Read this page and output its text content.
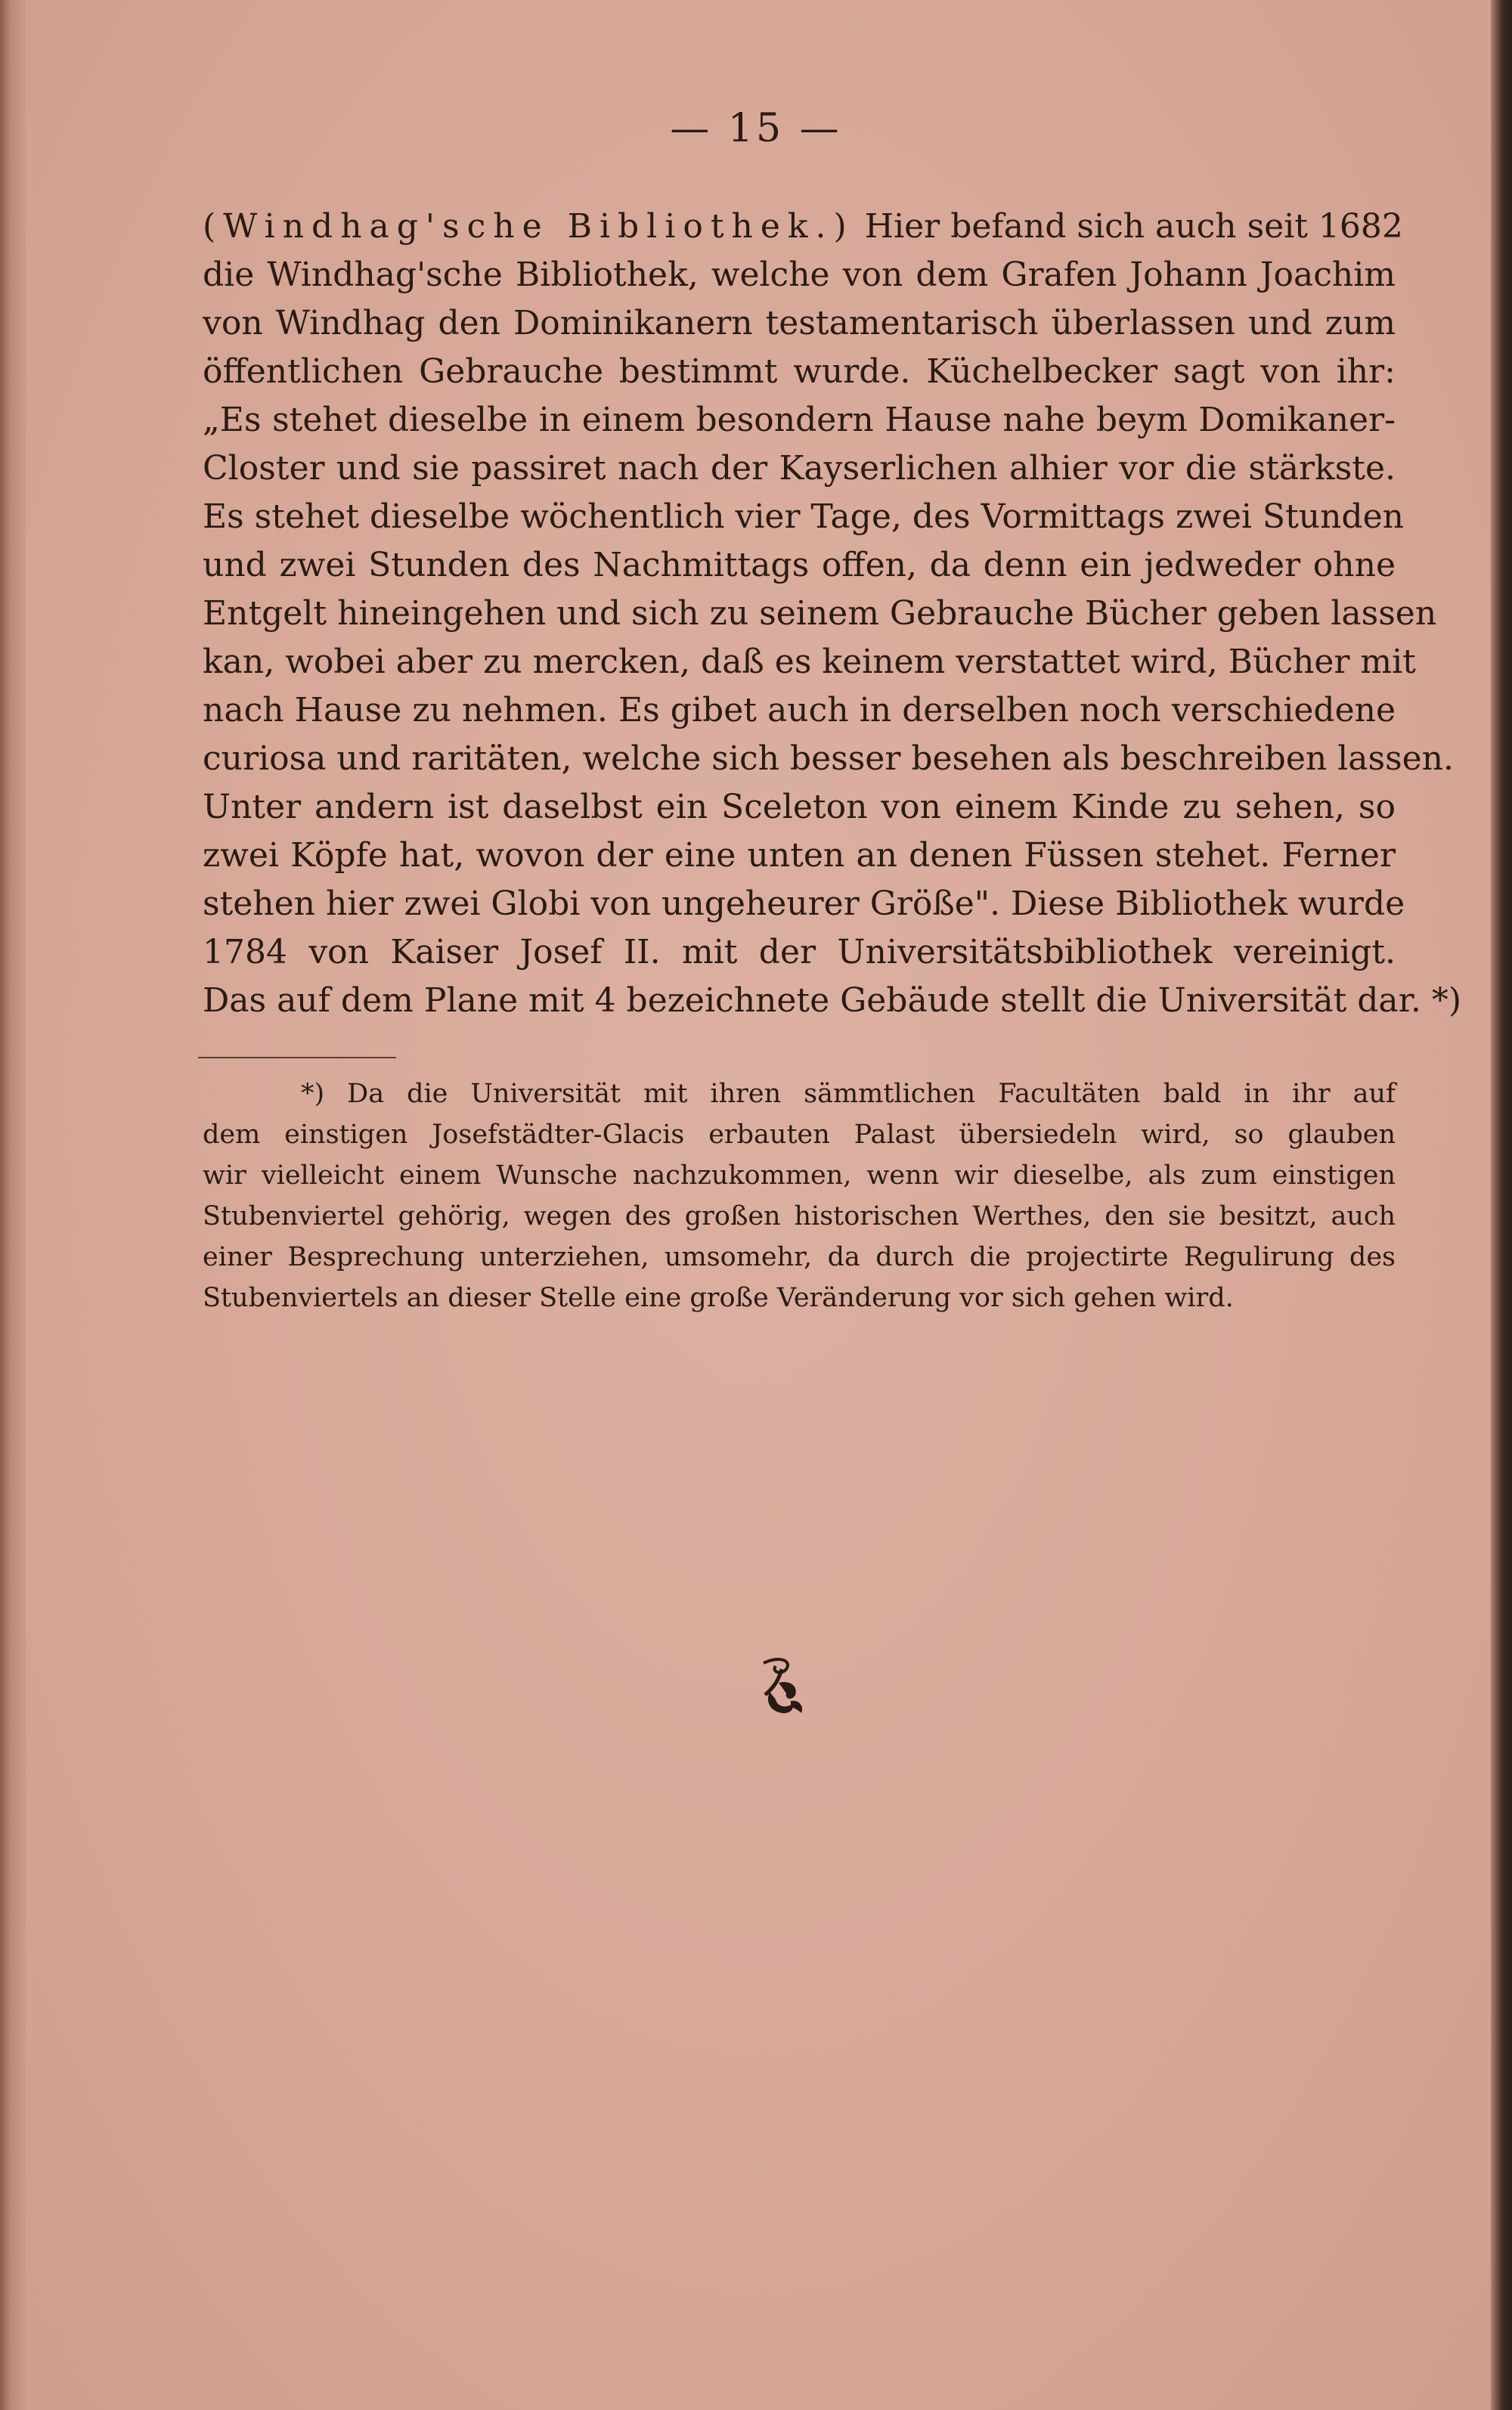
— 15 —
(Windhag'sche Bibliothek.) Hier befand sich auch seit 1682
die Windhag'sche Bibliothek, welche von dem Grafen Johann Joachim
von Windhag den Dominikanern testamentarisch überlassen und zum
öffentlichen Gebrauche bestimmt wurde. Küchelbecker sagt von ihr:
„Es stehet dieselbe in einem besondern Hause nahe beym Domikaner-
Closter und sie passiret nach der Kayserlichen alhier vor die stärkste.
Es stehet dieselbe wöchentlich vier Tage, des Vormittags zwei Stunden
und zwei Stunden des Nachmittags offen, da denn ein jedweder ohne
Entgelt hineingehen und sich zu seinem Gebrauche Bücher geben lassen
kan, wobei aber zu mercken, daß es keinem verstattet wird, Bücher mit
nach Hause zu nehmen. Es gibet auch in derselben noch verschiedene
curiosa und raritäten, welche sich besser besehen als beschreiben lassen.
Unter andern ist daselbst ein Sceleton von einem Kinde zu sehen, so
zwei Köpfe hat, wovon der eine unten an denen Füssen stehet. Ferner
stehen hier zwei Globi von ungeheurer Größe". Diese Bibliothek wurde
1784 von Kaiser Josef II. mit der Universitätsbibliothek vereinigt.
Das auf dem Plane mit 4 bezeichnete Gebäude stellt die Universität dar. *)
*) Da die Universität mit ihren sämmtlichen Facultäten bald in ihr auf
dem einstigen Josefstädter-Glacis erbauten Palast übersiedeln wird, so glauben
wir vielleicht einem Wunsche nachzukommen, wenn wir dieselbe, als zum einstigen
Stubenviertel gehörig, wegen des großen historischen Werthes, den sie besitzt, auch
einer Besprechung unterziehen, umsomehr, da durch die projectirte Regulirung des
Stubenviertels an dieser Stelle eine große Veränderung vor sich gehen wird.
